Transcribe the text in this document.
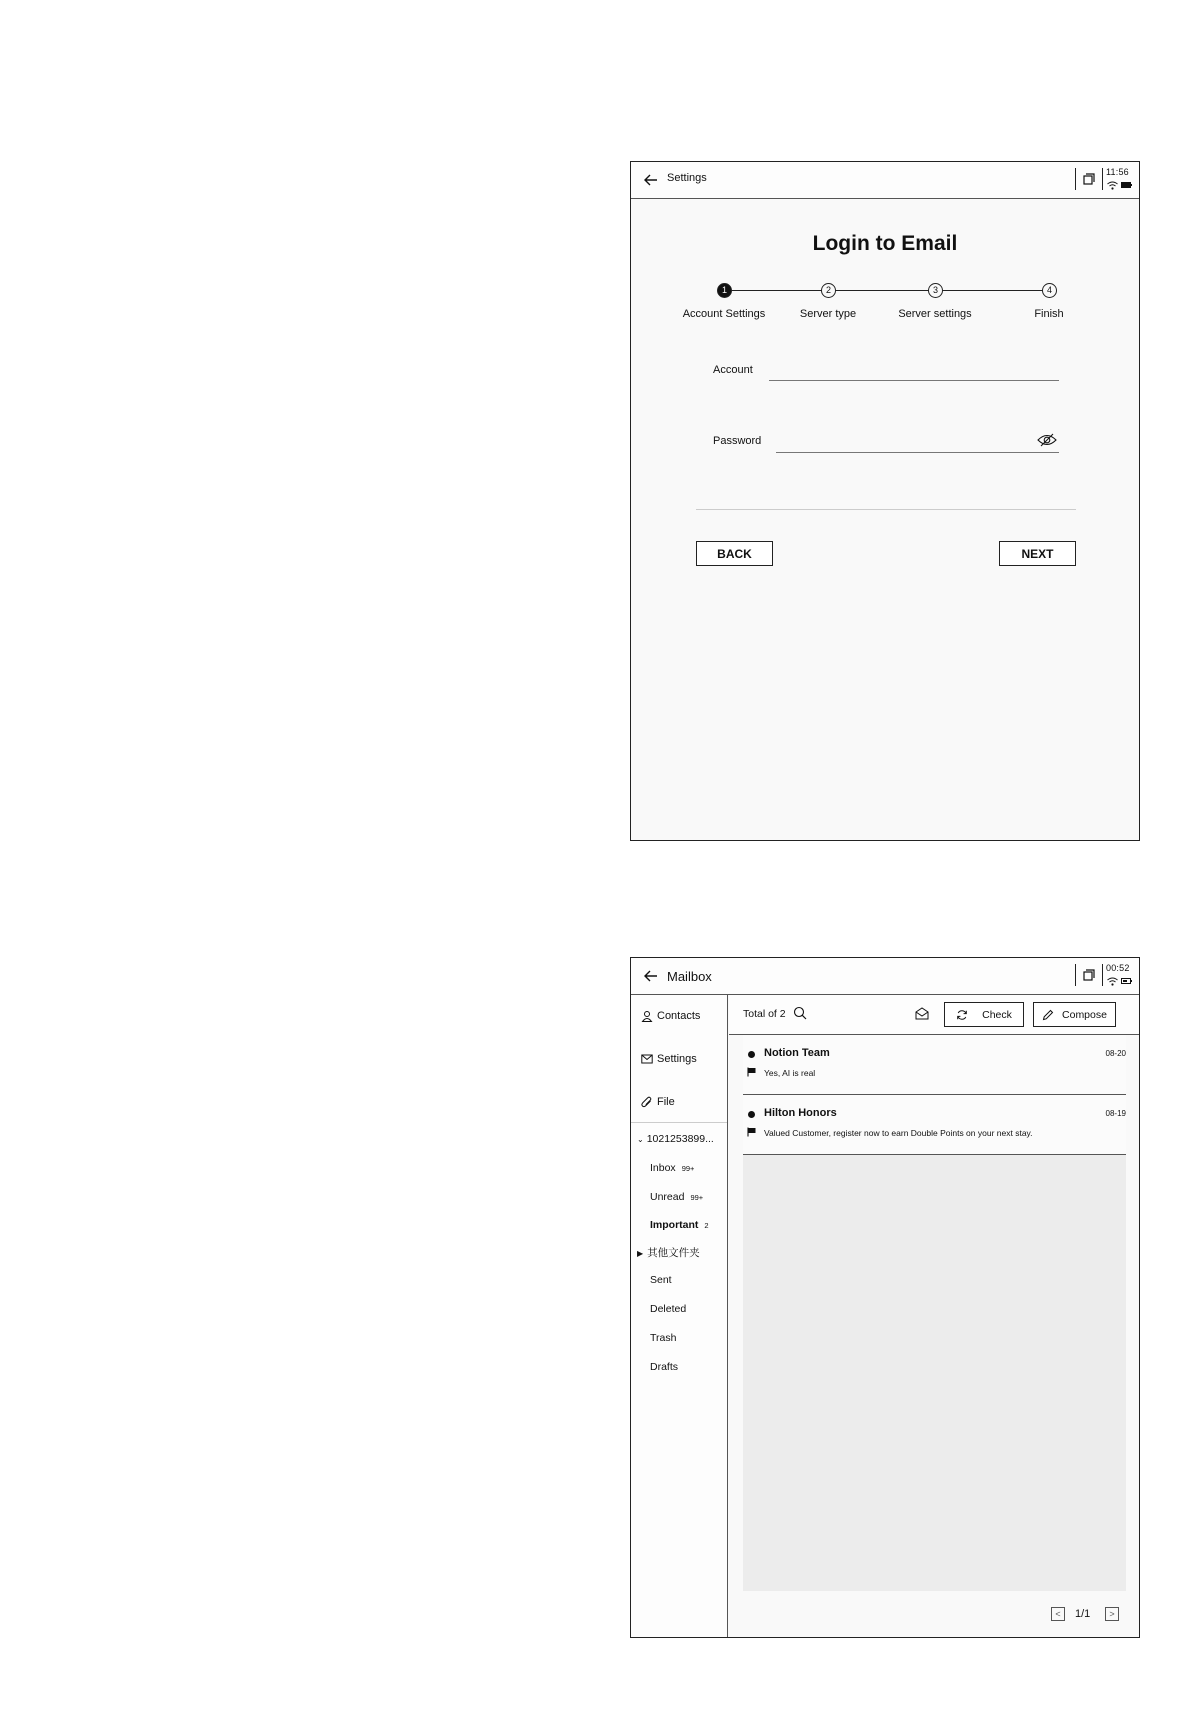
Settings	11:56
Login to Email
1	2	3	4
Account Settings	Server type	Server settings	Finish
Account
Password
BACK	NEXT
Mailbox
00:52
Contacts
Settings
File
⌄ 1021253899...
Inbox 99+
Unread 99+
Important 2
▶ 其他文件夹
Sent
Deleted
Trash
Drafts
Total of 2	Check	Compose
Notion Team	08-20
Yes, AI is real
Hilton Honors	08-19
Valued Customer, register now to earn Double Points on your next stay.
<	1/1	>
